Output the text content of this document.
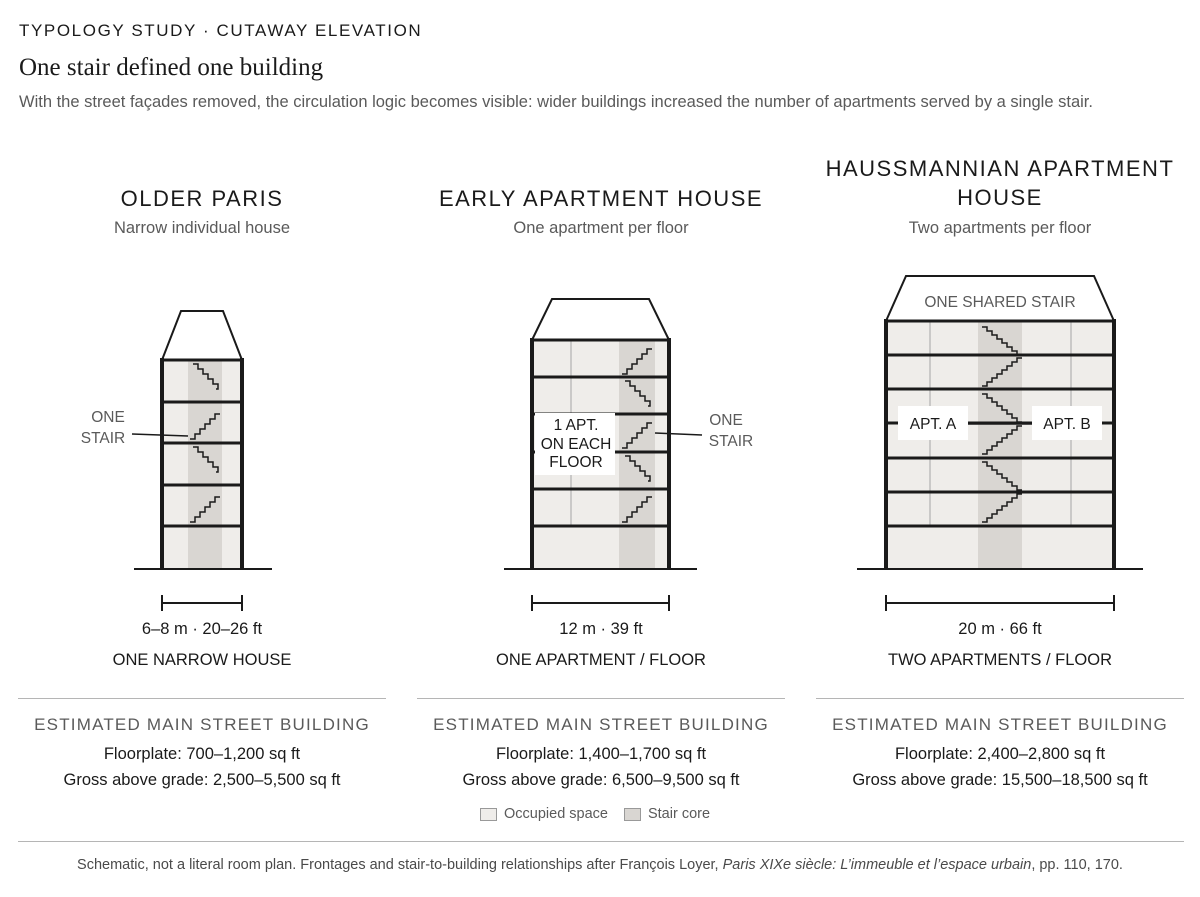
TYPOLOGY STUDY · CUTAWAY ELEVATION
One stair defined one building
With the street façades removed, the circulation logic becomes visible: wider buildings increased the number of apartments served by a single stair.
OLDER PARIS
Narrow individual house
EARLY APARTMENT HOUSE
One apartment per floor
HAUSSMANNIAN APARTMENT
HOUSE
Two apartments per floor
ONE
STAIR
1 APT.
ON EACH
FLOOR
ONE
STAIR
ONE SHARED STAIR
APT. A	APT. B
6–8 m · 20–26 ft
ONE NARROW HOUSE
12 m · 39 ft
ONE APARTMENT / FLOOR
20 m · 66 ft
TWO APARTMENTS / FLOOR
ESTIMATED MAIN STREET BUILDING
Floorplate: 700–1,200 sq ft
Gross above grade: 2,500–5,500 sq ft
ESTIMATED MAIN STREET BUILDING
Floorplate: 1,400–1,700 sq ft
Gross above grade: 6,500–9,500 sq ft
ESTIMATED MAIN STREET BUILDING
Floorplate: 2,400–2,800 sq ft
Gross above grade: 15,500–18,500 sq ft
Occupied space	Stair core
Schematic, not a literal room plan. Frontages and stair-to-building relationships after François Loyer, Paris XIXe siècle: L’immeuble et l’espace urbain, pp. 110, 170.
